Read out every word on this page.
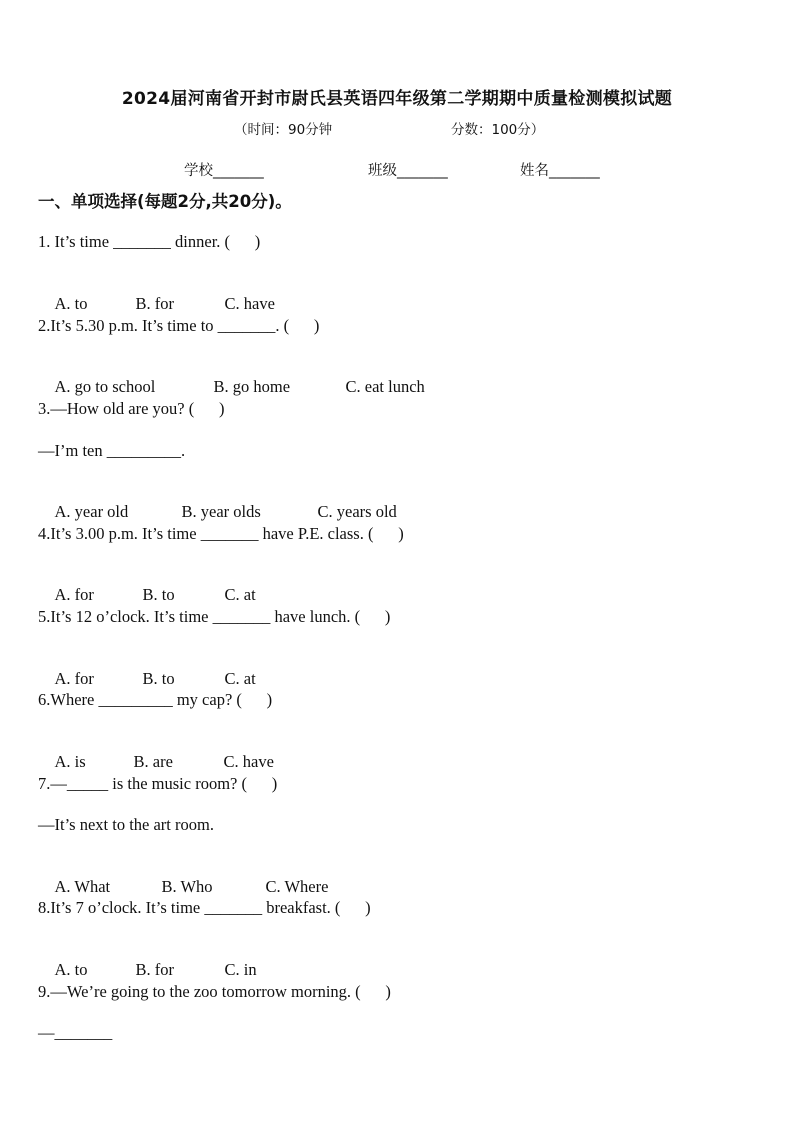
2024届河南省开封市尉氏县英语四年级第二学期期中质量检测模拟试题
（时间：90分钟	分数：100分）
学校_______	班级_______	姓名_______
一、单项选择(每题2分,共20分)。
1. It’s time _______ dinner. (      )

A. to	B. for	C. have

2.It’s 5.30 p.m. It’s time to _______. (      )

A. go to school	B. go home	C. eat lunch

3.—How old are you? (      )
—I’m ten _________.

A. year old	B. year olds	C. years old

4.It’s 3.00 p.m. It’s time _______ have P.E. class. (      )

A. for	B. to	C. at

5.It’s 12 o’clock. It’s time _______ have lunch. (      )

A. for	B. to	C. at

6.Where _________ my cap? (      )

A. is	B. are	C. have

7.—_____ is the music room? (      )
—It’s next to the art room.

A. What	B. Who	C. Where

8.It’s 7 o’clock. It’s time _______ breakfast. (      )

A. to	B. for	C. in

9.—We’re going to the zoo tomorrow morning. (      )
—_______
